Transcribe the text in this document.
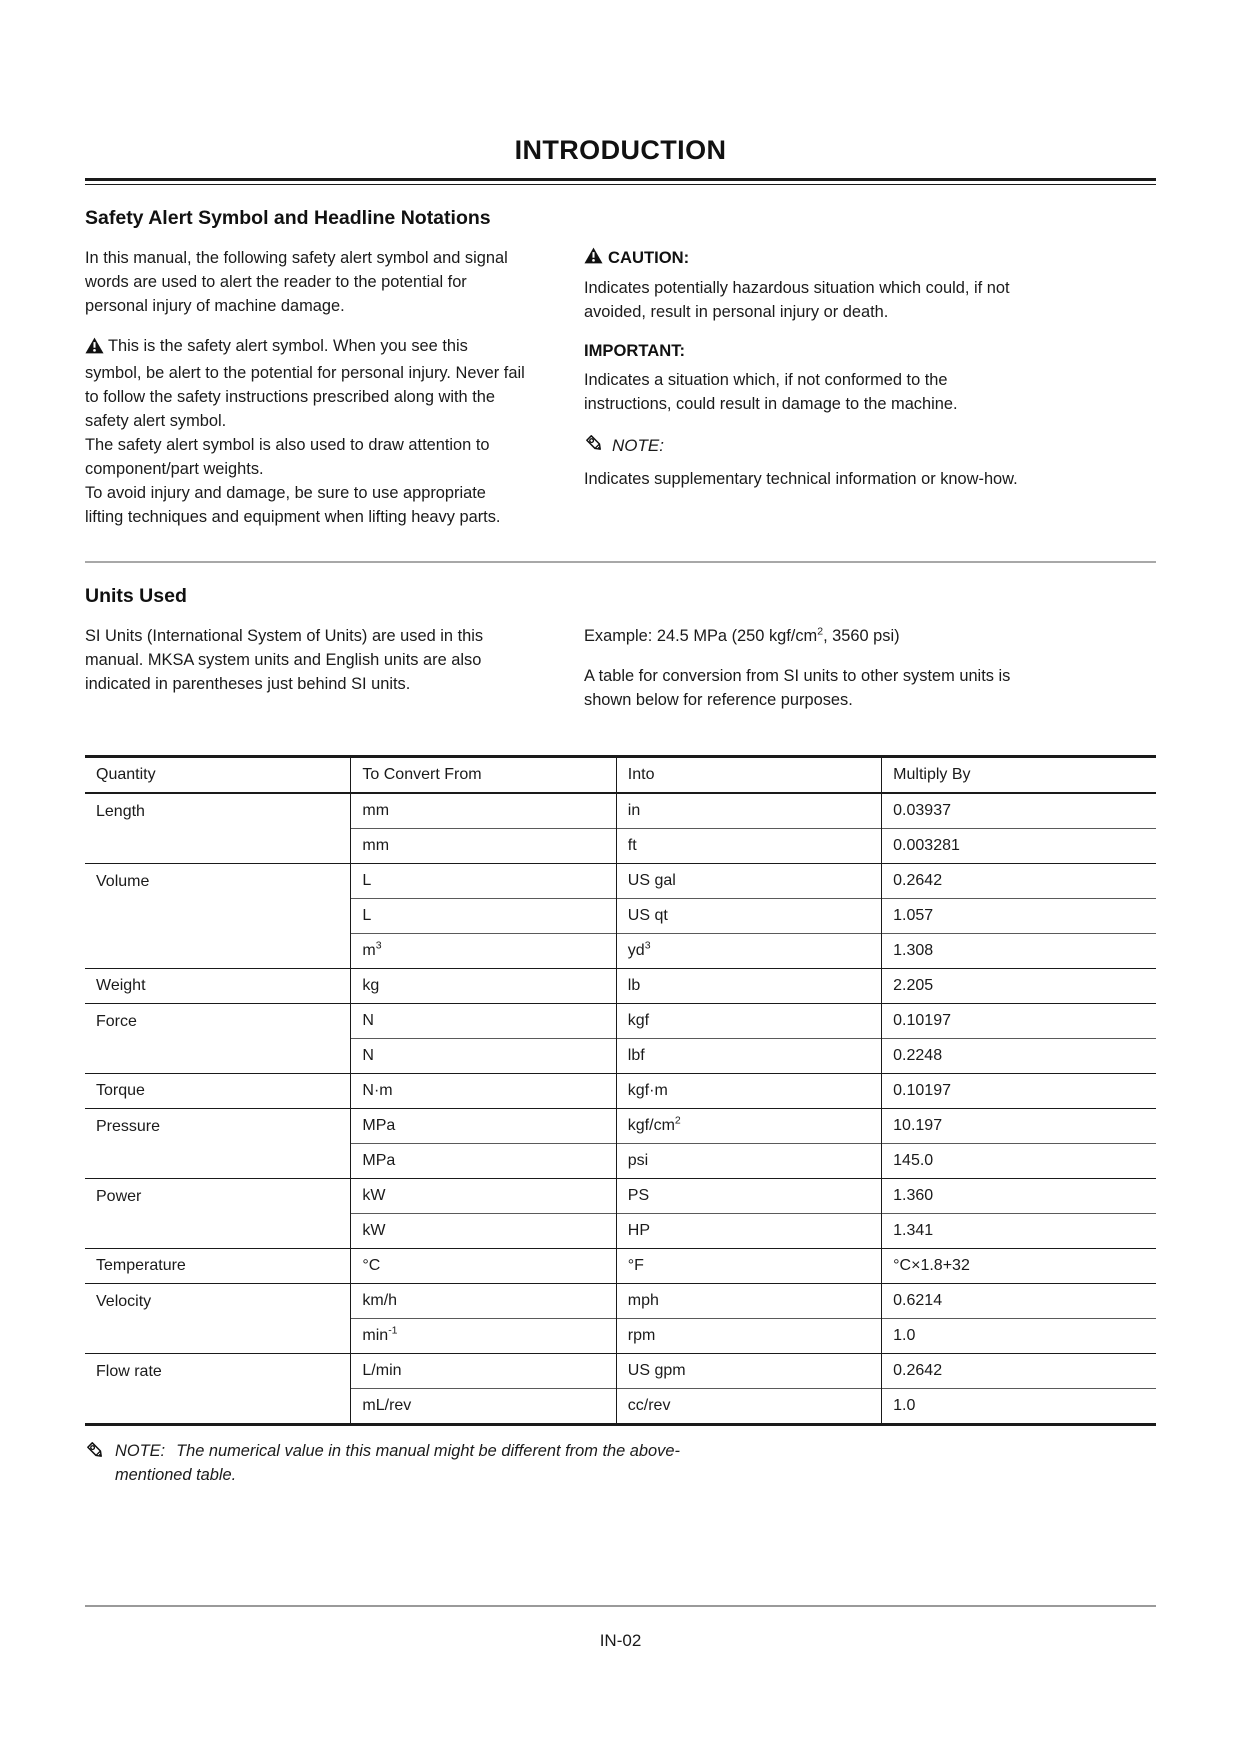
INTRODUCTION
Safety Alert Symbol and Headline Notations

In this manual, the following safety alert symbol and signal words are used to alert the reader to the potential for personal injury of machine damage.

This is the safety alert symbol. When you see this symbol, be alert to the potential for personal injury. Never fail to follow the safety instructions prescribed along with the safety alert symbol.

The safety alert symbol is also used to draw attention to component/part weights.

To avoid injury and damage, be sure to use appropriate lifting techniques and equipment when lifting heavy parts.

CAUTION:

Indicates potentially hazardous situation which could, if not avoided, result in personal injury or death.

IMPORTANT:

Indicates a situation which, if not conformed to the instructions, could result in damage to the machine.

NOTE:

Indicates supplementary technical information or know-how.

Units Used

SI Units (International System of Units) are used in this manual. MKSA system units and English units are also indicated in parentheses just behind SI units.

Example: 24.5 MPa (250 kgf/$cm^2$, 3560 psi)

A table for conversion from SI units to other system units is shown below for reference purposes.

Quantity	To Convert From	Into	Multiply By
Length	mm	in	0.03937
	mm	ft	0.003281
Volume	L	US gal	0.2642
	L	US qt	1.057
	$m^3$	$yd^3$	1.308
Weight	kg	lb	2.205
Force	N	kgf	0.10197
	N	lbf	0.2248
Torque	N·m	kgf·m	0.10197
Pressure	MPa	kgf/$cm^2$	10.197
	MPa	psi	145.0
Power	kW	PS	1.360
	kW	HP	1.341
Temperature	°C	°F	°C×1.8+32
Velocity	km/h	mph	0.6214
	$\min^{-1}$	rpm	1.0
Flow rate	L/min	US gpm	0.2642
	mL/rev	cc/rev	1.0
NOTE: The numerical value in this manual might be different from the above-mentioned table.
IN-02
